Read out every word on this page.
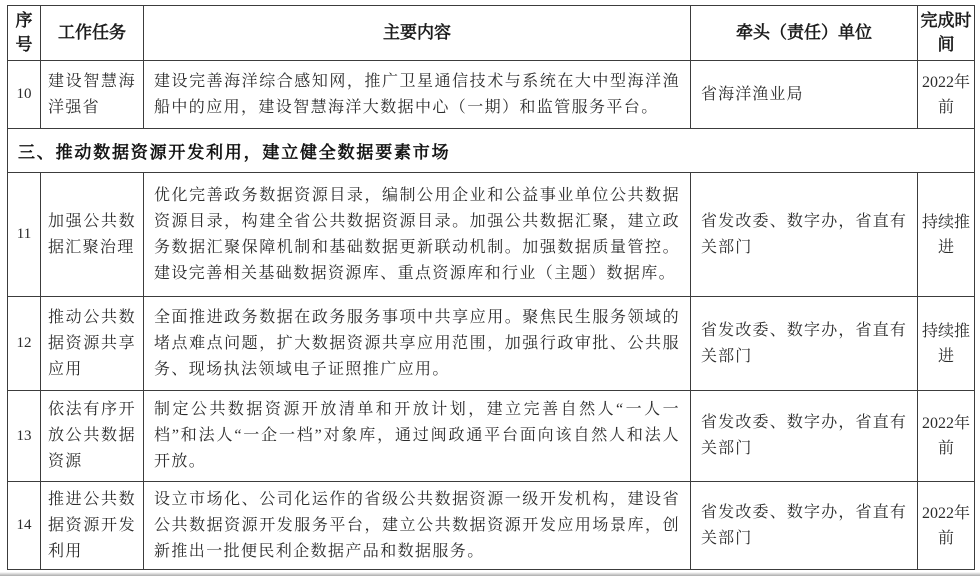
序号	工作任务	主要内容	牵头（责任）单位	完成时间
10	建设智慧海洋强省	建设完善海洋综合感知网，推广卫星通信技术与系统在大中型海洋渔船中的应用，建设智慧海洋大数据中心（一期）和监管服务平台。	省海洋渔业局	2022年前
三、推动数据资源开发利用，建立健全数据要素市场				
11	加强公共数据汇聚治理	优化完善政务数据资源目录，编制公用企业和公益事业单位公共数据资源目录，构建全省公共数据资源目录。加强公共数据汇聚，建立政务数据汇聚保障机制和基础数据更新联动机制。加强数据质量管控。建设完善相关基础数据资源库、重点资源库和行业（主题）数据库。	省发改委、数字办，省直有关部门	持续推进
12	推动公共数据资源共享应用	全面推进政务数据在政务服务事项中共享应用。聚焦民生服务领域的堵点难点问题，扩大数据资源共享应用范围，加强行政审批、公共服务、现场执法领域电子证照推广应用。	省发改委、数字办，省直有关部门	持续推进
13	依法有序开放公共数据资源	制定公共数据资源开放清单和开放计划，建立完善自然人“一人一档”和法人“一企一档”对象库，通过闽政通平台面向该自然人和法人开放。	省发改委、数字办，省直有关部门	2022年前
14	推进公共数据资源开发利用	设立市场化、公司化运作的省级公共数据资源一级开发机构，建设省公共数据资源开发服务平台，建立公共数据资源开发应用场景库，创新推出一批便民利企数据产品和数据服务。	省发改委、数字办，省直有关部门	2022年前
